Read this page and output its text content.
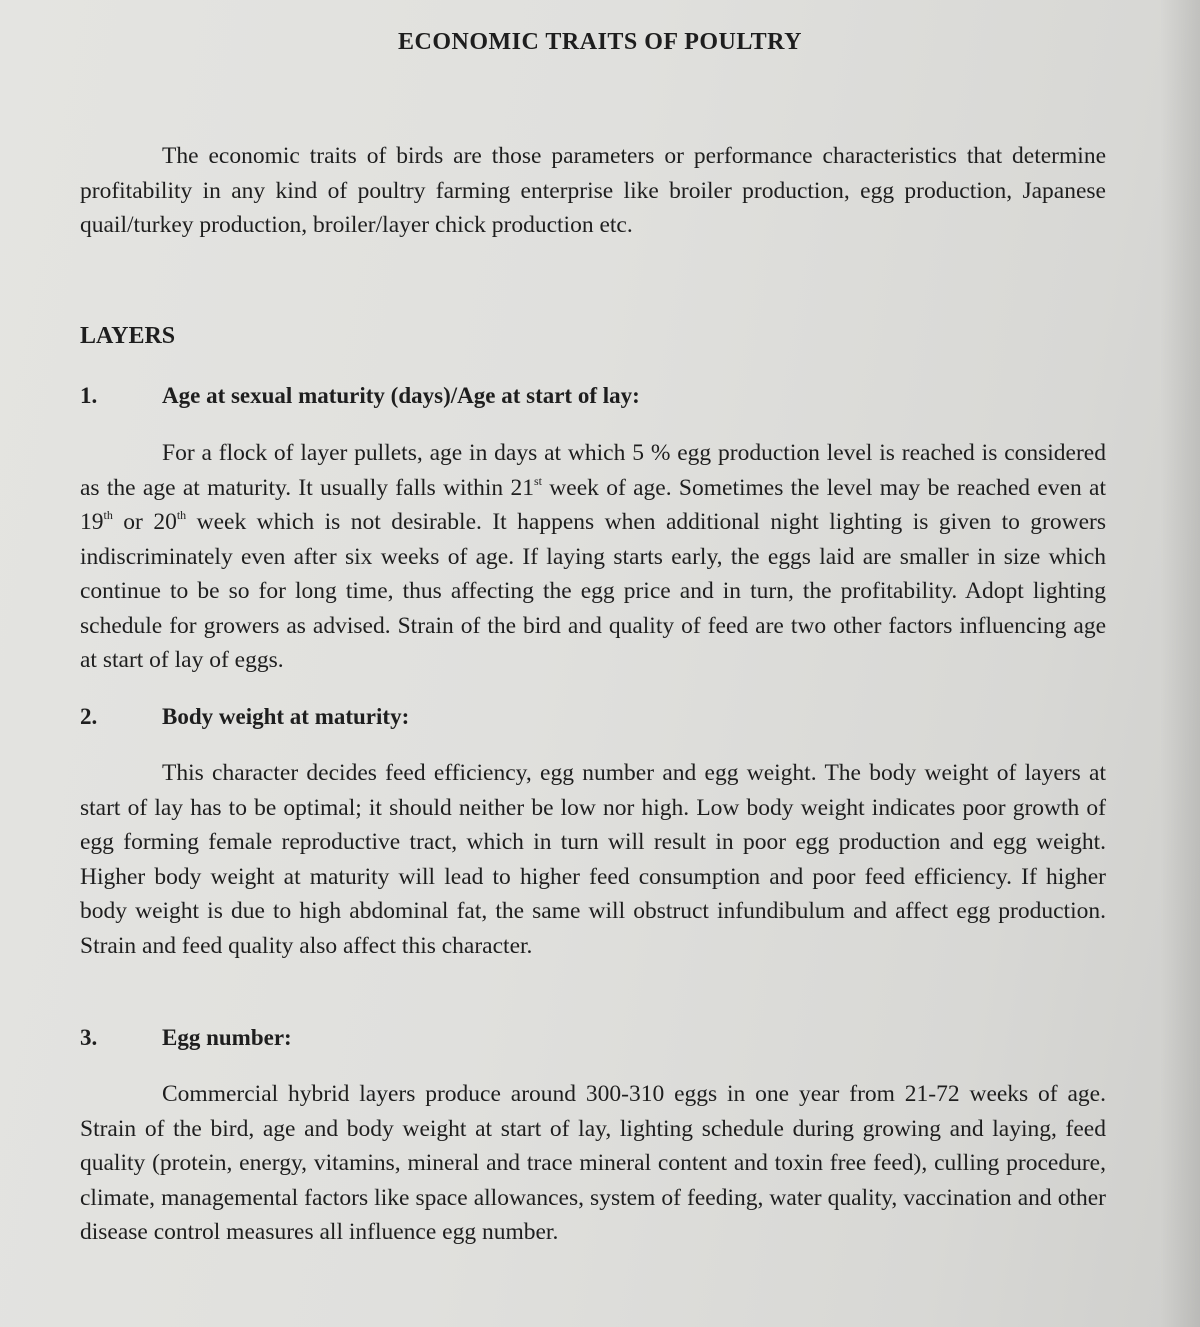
ECONOMIC TRAITS OF POULTRY

The economic traits of birds are those parameters or performance characteristics that determine profitability in any kind of poultry farming enterprise like broiler production, egg production, Japanese quail/turkey production, broiler/layer chick production etc.

LAYERS
1.	Age at sexual maturity (days)/Age at start of lay:

For a flock of layer pullets, age in days at which 5 % egg production level is reached is considered as the age at maturity. It usually falls within 21st week of age. Sometimes the level may be reached even at 19th or 20th week which is not desirable. It happens when additional night lighting is given to growers indiscriminately even after six weeks of age. If laying starts early, the eggs laid are smaller in size which continue to be so for long time, thus affecting the egg price and in turn, the profitability. Adopt lighting schedule for growers as advised. Strain of the bird and quality of feed are two other factors influencing age at start of lay of eggs.

2.	Body weight at maturity:

This character decides feed efficiency, egg number and egg weight. The body weight of layers at start of lay has to be optimal; it should neither be low nor high. Low body weight indicates poor growth of egg forming female reproductive tract, which in turn will result in poor egg production and egg weight. Higher body weight at maturity will lead to higher feed consumption and poor feed efficiency. If higher body weight is due to high abdominal fat, the same will obstruct infundibulum and affect egg production. Strain and feed quality also affect this character.

3.	Egg number:

Commercial hybrid layers produce around 300-310 eggs in one year from 21-72 weeks of age. Strain of the bird, age and body weight at start of lay, lighting schedule during growing and laying, feed quality (protein, energy, vitamins, mineral and trace mineral content and toxin free feed), culling procedure, climate, managemental factors like space allowances, system of feeding, water quality, vaccination and other disease control measures all influence egg number.
